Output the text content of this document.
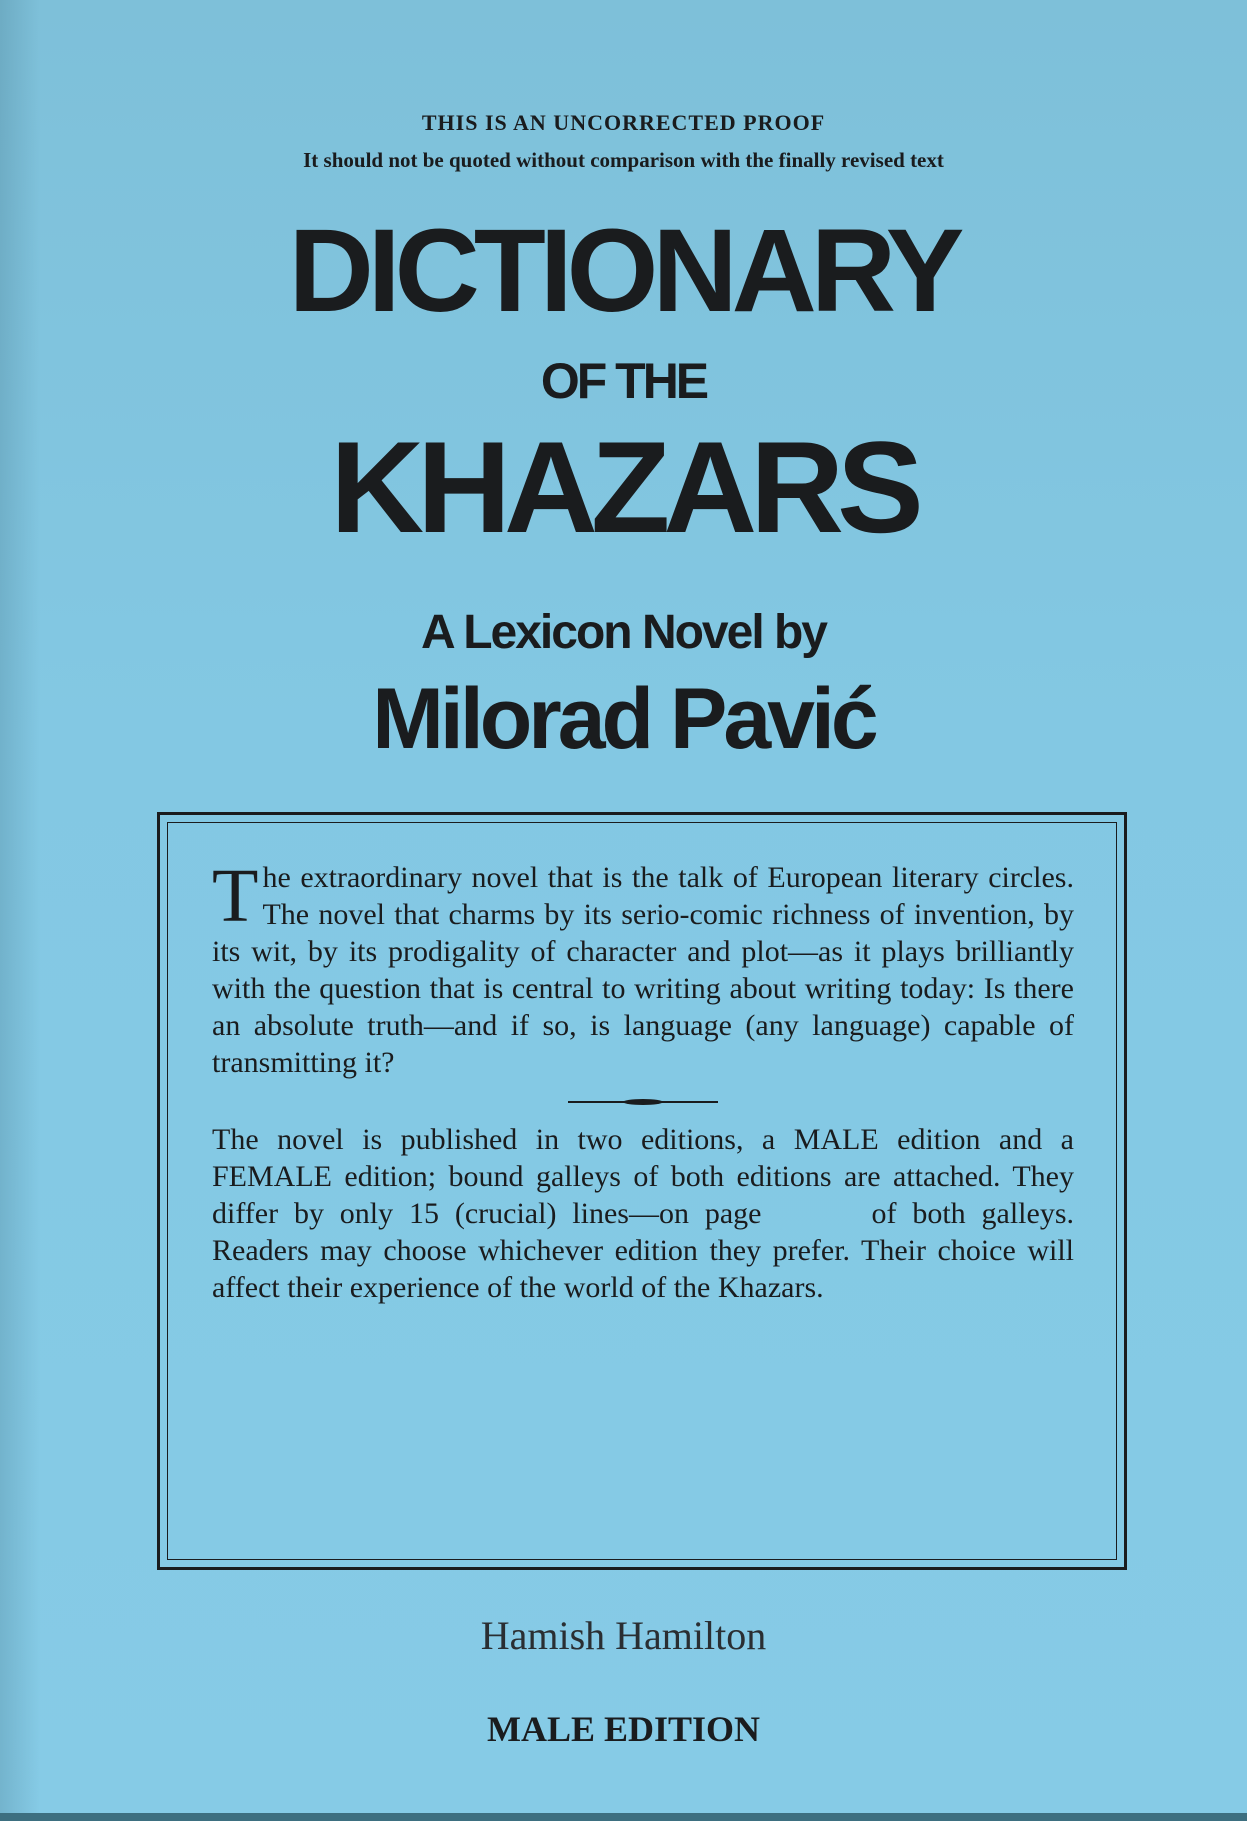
THIS IS AN UNCORRECTED PROOF
It should not be quoted without comparison with the finally revised text
DICTIONARY
OF THE
KHAZARS
A Lexicon Novel by
Milorad Pavić

The extraordinary novel that is the talk of European literary circles. The novel that charms by its serio-comic richness of invention, by its wit, by its prodigality of character and plot—as it plays brilliantly with the question that is central to writing about writing today: Is there an absolute truth—and if so, is language (any language) capable of transmitting it?

The novel is published in two editions, a MALE edition and a FEMALE edition; bound galleys of both editions are attached. They differ by only 15 (crucial) lines—on page	of both galleys. Readers may choose whichever edition they prefer. Their choice will affect their experience of the world of the Khazars.

Hamish Hamilton
MALE EDITION
